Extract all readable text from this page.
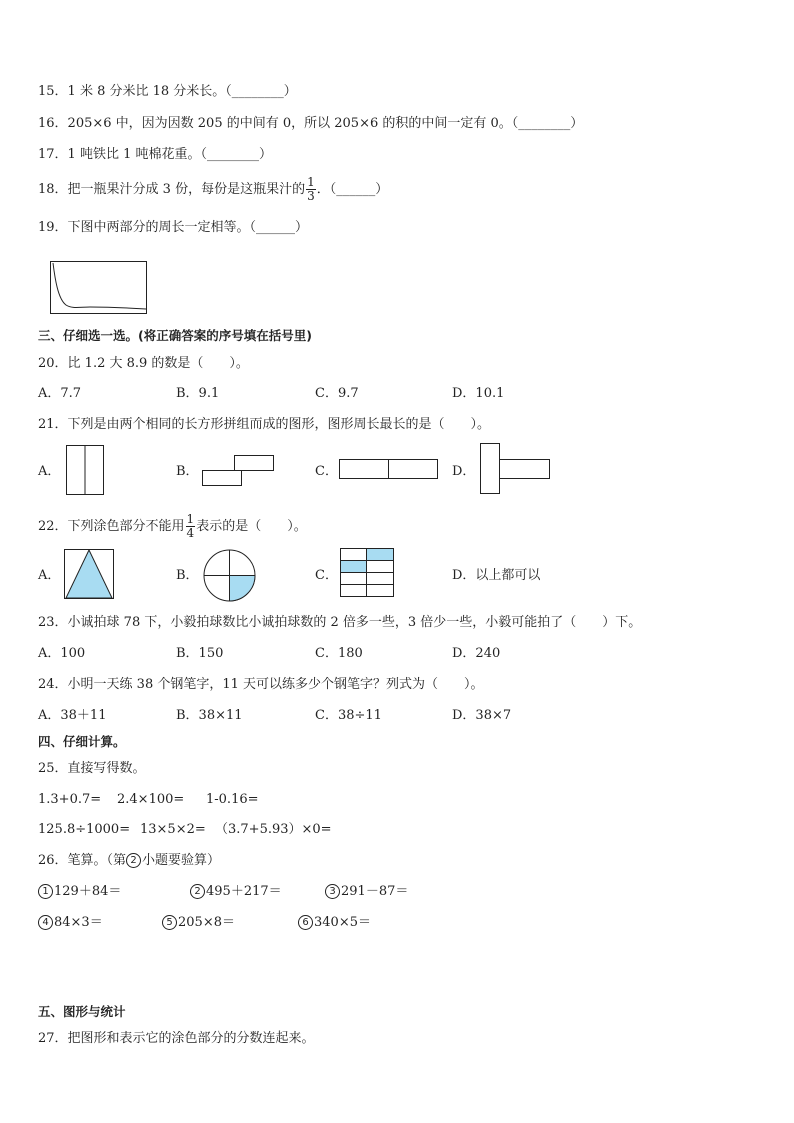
15．1 米 8 分米比 18 分米长。（________）
16．205×6 中，因为因数 205 的中间有 0，所以 205×6 的积的中间一定有 0。（________）
17．1 吨铁比 1 吨棉花重。（________）
18．把一瓶果汁分成 3 份，每份是这瓶果汁的 $\frac{1}{3}$ ．（______）
19．下图中两部分的周长一定相等。（______）
三、仔细选一选。(将正确答案的序号填在括号里)
20．比 1.2 大 8.9 的数是（　　）。
A．7.7	B．9.1	C．9.7	D．10.1
21．下列是由两个相同的长方形拼组而成的图形，图形周长最长的是（　　）。
A．	B．	C．	D．
22．下列涂色部分不能用 $\frac{1}{4}$ 表示的是（　　）。
A．	B．	C．	D．以上都可以
23．小诚拍球 78 下，小毅拍球数比小诚拍球数的 2 倍多一些，3 倍少一些，小毅可能拍了（　　）下。
A．100	B．150	C．180	D．240
24．小明一天练 38 个钢笔字，11 天可以练多少个钢笔字？列式为（　　）。
A．38＋11	B．38×11	C．38÷11	D．38×7
四、仔细计算。
25．直接写得数。
1.3+0.7= 2.4×100= 1-0.16=
125.8÷1000= 13×5×2= （3.7+5.93）×0=
26．笔算。（第 2 小题要验算）
1 129＋84＝	2 495＋217＝	3 291－87＝
4 84×3＝	5 205×8＝	6 340×5＝
五、图形与统计
27．把图形和表示它的涂色部分的分数连起来。
